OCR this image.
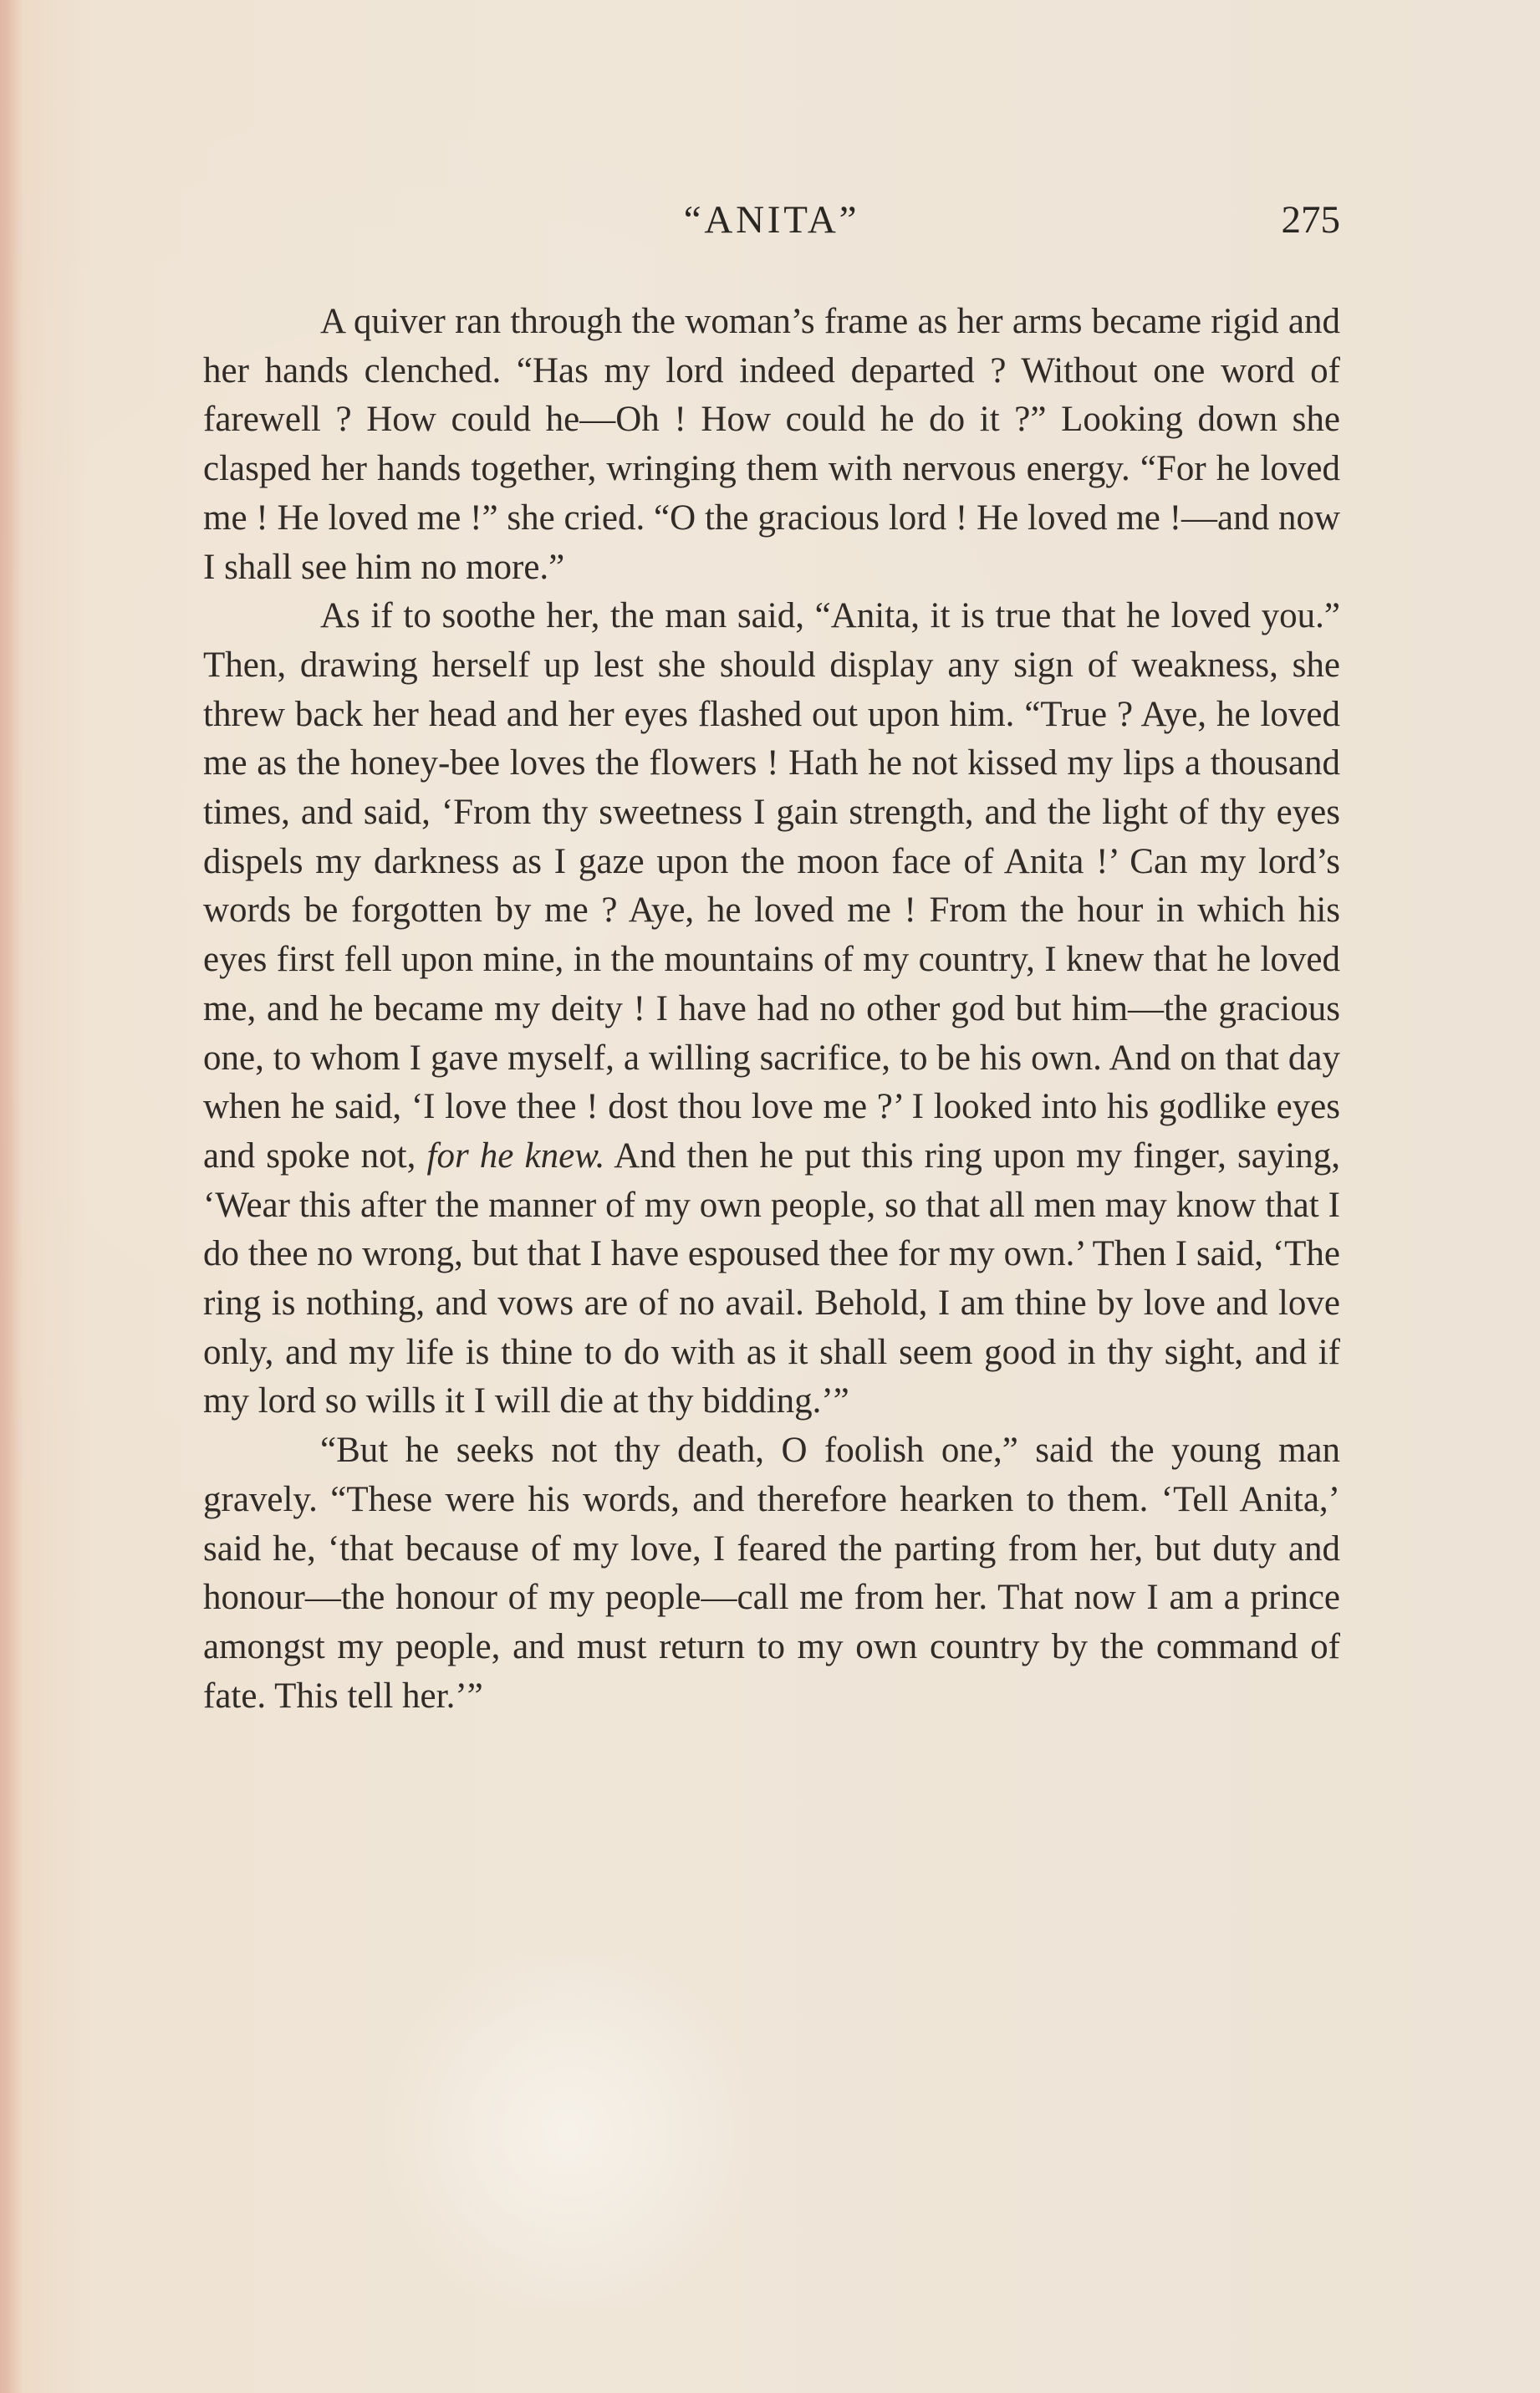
“ANITA”	275

A quiver ran through the woman’s frame as her arms became rigid and her hands clenched. “Has my lord indeed departed ? Without one word of farewell ? How could he—Oh ! How could he do it ?” Looking down she clasped her hands together, wringing them with nervous energy. “For he loved me ! He loved me !” she cried. “O the gracious lord ! He loved me !—and now I shall see him no more.”

As if to soothe her, the man said, “Anita, it is true that he loved you.” Then, drawing herself up lest she should display any sign of weakness, she threw back her head and her eyes flashed out upon him. “True ? Aye, he loved me as the honey-bee loves the flowers ! Hath he not kissed my lips a thousand times, and said, ‘From thy sweetness I gain strength, and the light of thy eyes dispels my darkness as I gaze upon the moon face of Anita !’ Can my lord’s words be forgotten by me ? Aye, he loved me ! From the hour in which his eyes first fell upon mine, in the mountains of my country, I knew that he loved me, and he became my deity ! I have had no other god but him—the gracious one, to whom I gave myself, a willing sacrifice, to be his own. And on that day when he said, ‘I love thee ! dost thou love me ?’ I looked into his godlike eyes and spoke not, for he knew. And then he put this ring upon my finger, saying, ‘Wear this after the manner of my own people, so that all men may know that I do thee no wrong, but that I have espoused thee for my own.’ Then I said, ‘The ring is nothing, and vows are of no avail. Behold, I am thine by love and love only, and my life is thine to do with as it shall seem good in thy sight, and if my lord so wills it I will die at thy bidding.’”

“But he seeks not thy death, O foolish one,” said the young man gravely. “These were his words, and therefore hearken to them. ‘Tell Anita,’ said he, ‘that because of my love, I feared the parting from her, but duty and honour—the honour of my people—call me from her. That now I am a prince amongst my people, and must return to my own country by the command of fate. This tell her.’”
